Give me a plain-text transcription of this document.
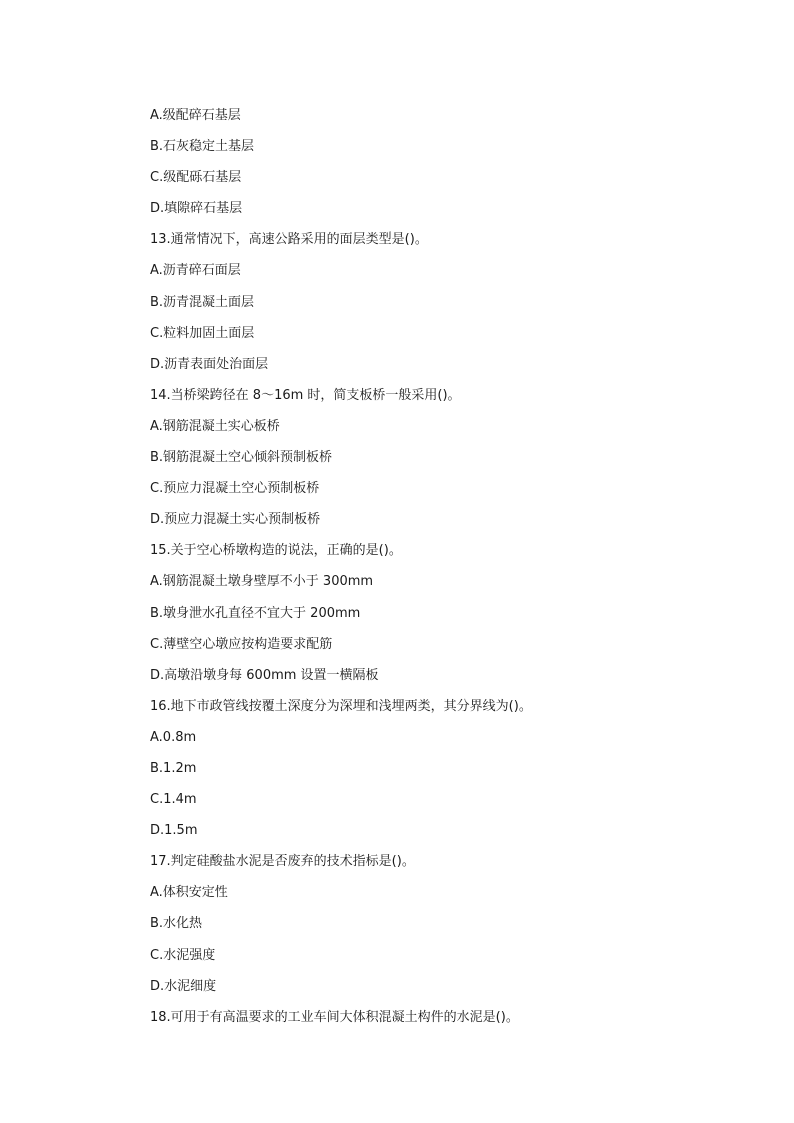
A.级配碎石基层
B.石灰稳定土基层
C.级配砾石基层
D.填隙碎石基层
13.通常情况下，高速公路采用的面层类型是()。
A.沥青碎石面层
B.沥青混凝土面层
C.粒料加固土面层
D.沥青表面处治面层
14.当桥梁跨径在 8～16m 时，简支板桥一般采用()。
A.钢筋混凝土实心板桥
B.钢筋混凝土空心倾斜预制板桥
C.预应力混凝土空心预制板桥
D.预应力混凝土实心预制板桥
15.关于空心桥墩构造的说法，正确的是()。
A.钢筋混凝土墩身壁厚不小于 300mm
B.墩身泄水孔直径不宜大于 200mm
C.薄壁空心墩应按构造要求配筋
D.高墩沿墩身每 600mm 设置一横隔板
16.地下市政管线按覆土深度分为深埋和浅埋两类，其分界线为()。
A.0.8m
B.1.2m
C.1.4m
D.1.5m
17.判定硅酸盐水泥是否废弃的技术指标是()。
A.体积安定性
B.水化热
C.水泥强度
D.水泥细度
18.可用于有高温要求的工业车间大体积混凝土构件的水泥是()。
